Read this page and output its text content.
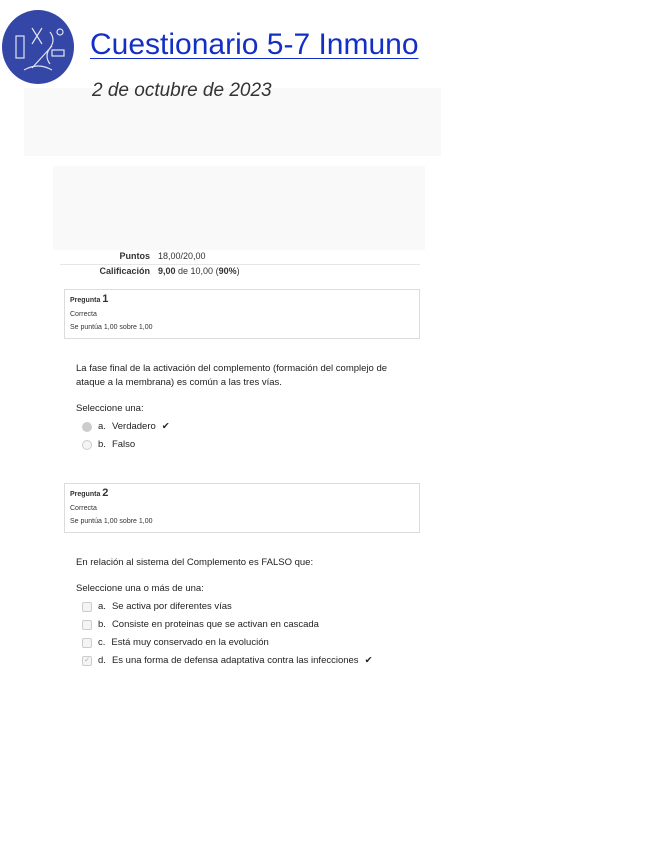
Cuestionario 5-7 Inmuno
2 de octubre de 2023
Puntos 18,00/20,00
Calificación 9,00 de 10,00 (90%)
Pregunta 1
Correcta
Se puntúa 1,00 sobre 1,00
La fase final de la activación del complemento (formación del complejo de ataque a la membrana) es común a las tres vías.
Seleccione una:
a. Verdadero ✔
b. Falso
Pregunta 2
Correcta
Se puntúa 1,00 sobre 1,00
En relación al sistema del Complemento es FALSO que:
Seleccione una o más de una:
a. Se activa por diferentes vías
b. Consiste en proteinas que se activan en cascada
c. Está muy conservado en la evolución
✓ d. Es una forma de defensa adaptativa contra las infecciones ✔
